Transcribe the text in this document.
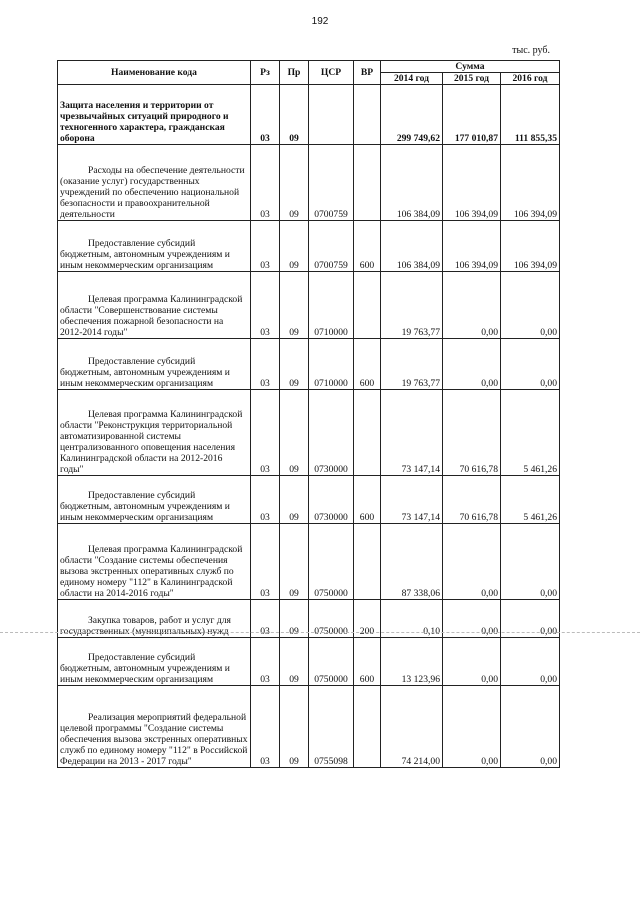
192
тыс. руб.
Наименование кода	Рз	Пр	ЦСР	ВР	Сумма		
					2014 год	2015 год	2016 год
Защита населения и территории от чрезвычайных ситуаций природного и техногенного характера, гражданская оборона	03	09			299 749,62	177 010,87	111 855,35
Расходы на обеспечение деятельности (оказание услуг) государственных учреждений по обеспечению национальной безопасности и правоохранительной деятельности	03	09	0700759		106 384,09	106 394,09	106 394,09
Предоставление субсидий бюджетным, автономным учреждениям и иным некоммерческим организациям	03	09	0700759	600	106 384,09	106 394,09	106 394,09
Целевая программа Калининградской области "Совершенствование системы обеспечения пожарной безопасности на 2012-2014 годы"	03	09	0710000		19 763,77	0,00	0,00
Предоставление субсидий бюджетным, автономным учреждениям и иным некоммерческим организациям	03	09	0710000	600	19 763,77	0,00	0,00
Целевая программа Калининградской области "Реконструкция территориальной автоматизированной системы централизованного оповещения населения Калининградской области на 2012-2016 годы"	03	09	0730000		73 147,14	70 616,78	5 461,26
Предоставление субсидий бюджетным, автономным учреждениям и иным некоммерческим организациям	03	09	0730000	600	73 147,14	70 616,78	5 461,26
Целевая программа Калининградской области "Создание системы обеспечения вызова экстренных оперативных служб по единому номеру "112" в Калининградской области на 2014-2016 годы"	03	09	0750000		87 338,06	0,00	0,00
Закупка товаров, работ и услуг для государственных (муниципальных) нужд	03	09	0750000	200	0,10	0,00	0,00
Предоставление субсидий бюджетным, автономным учреждениям и иным некоммерческим организациям	03	09	0750000	600	13 123,96	0,00	0,00
Реализация мероприятий федеральной целевой программы "Создание системы обеспечения вызова экстренных оперативных служб по единому номеру "112" в Российской Федерации на 2013 - 2017 годы"	03	09	0755098		74 214,00	0,00	0,00
